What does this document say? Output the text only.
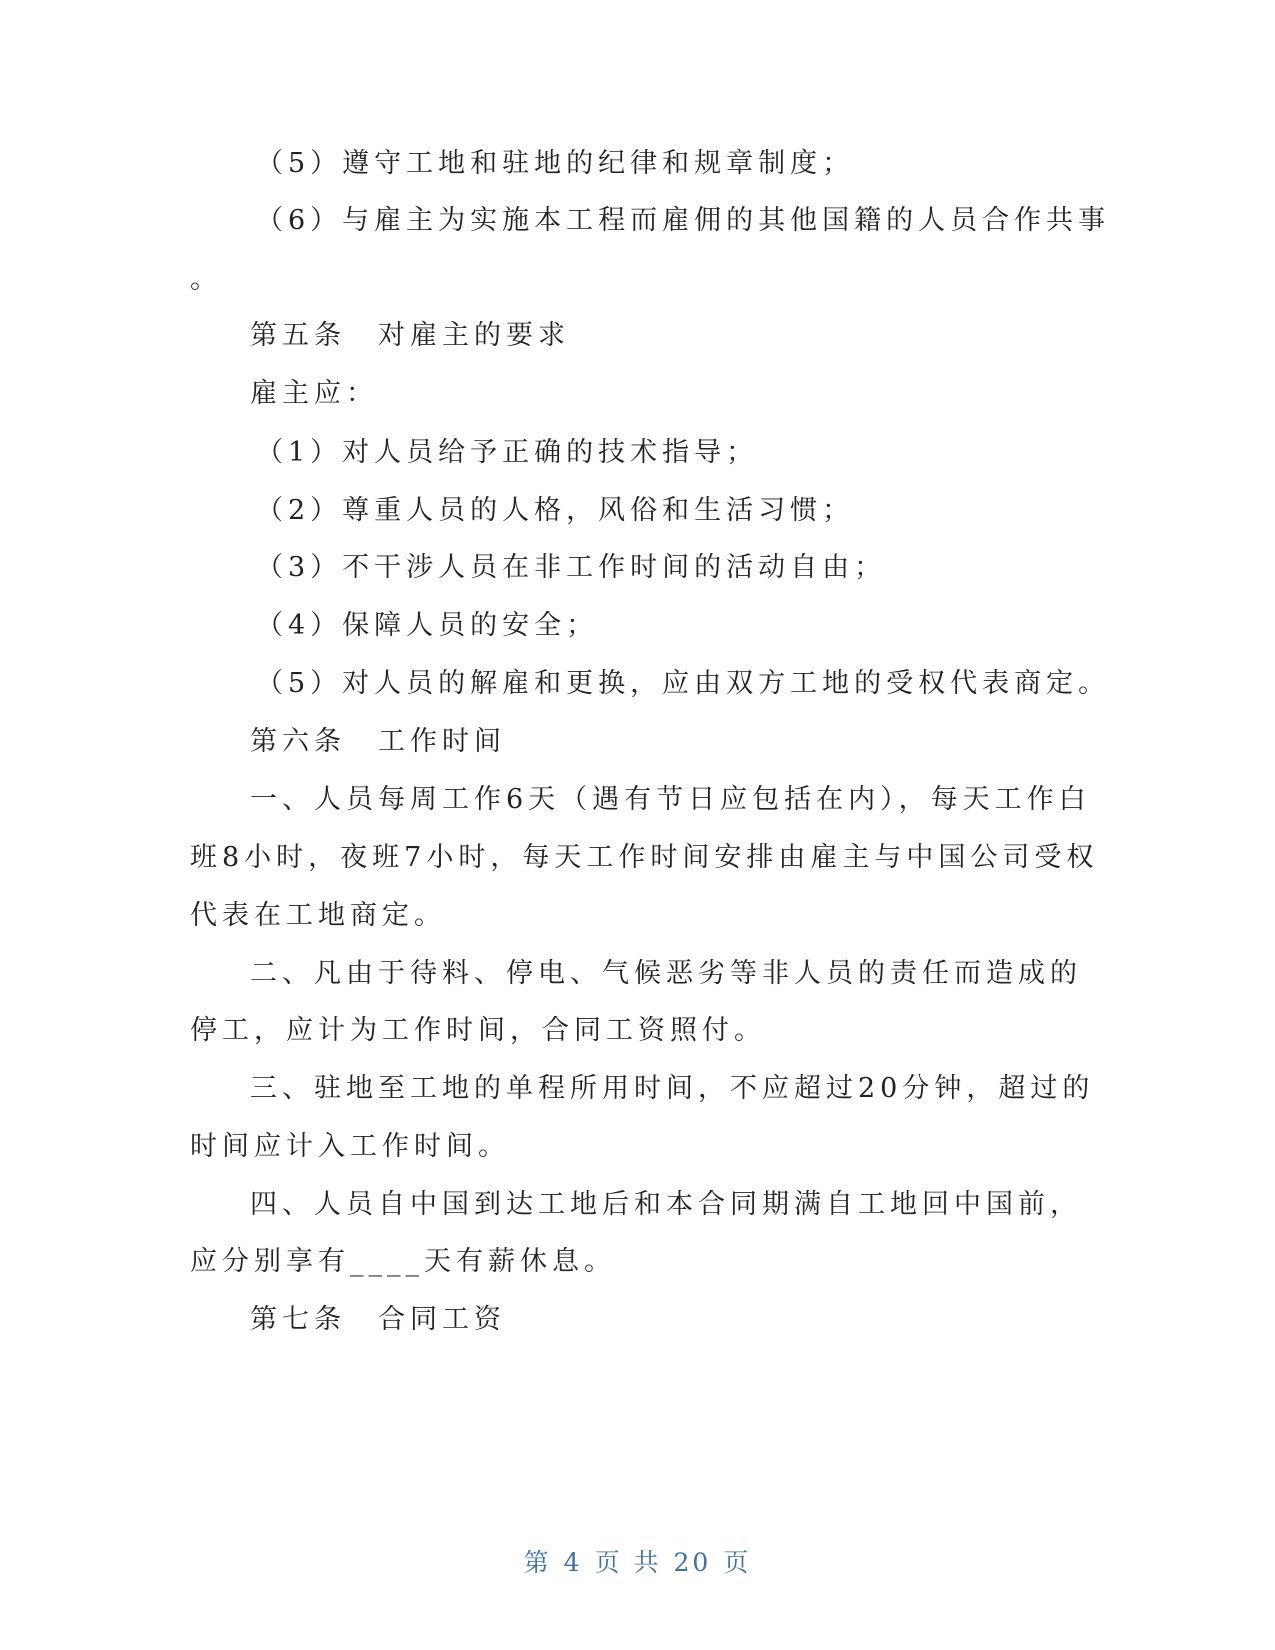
（5）遵守工地和驻地的纪律和规章制度；
（6）与雇主为实施本工程而雇佣的其他国籍的人员合作共事
。
第五条　对雇主的要求
雇主应：
（1）对人员给予正确的技术指导；
（2）尊重人员的人格，风俗和生活习惯；
（3）不干涉人员在非工作时间的活动自由；
（4）保障人员的安全；
（5）对人员的解雇和更换，应由双方工地的受权代表商定。
第六条　工作时间
一、人员每周工作6天（遇有节日应包括在内），每天工作白
班8小时，夜班7小时，每天工作时间安排由雇主与中国公司受权
代表在工地商定。
二、凡由于待料、停电、气候恶劣等非人员的责任而造成的
停工，应计为工作时间，合同工资照付。
三、驻地至工地的单程所用时间，不应超过20分钟，超过的
时间应计入工作时间。
四、人员自中国到达工地后和本合同期满自工地回中国前，
应分别享有____天有薪休息。
第七条　合同工资
第 4 页 共 20 页
